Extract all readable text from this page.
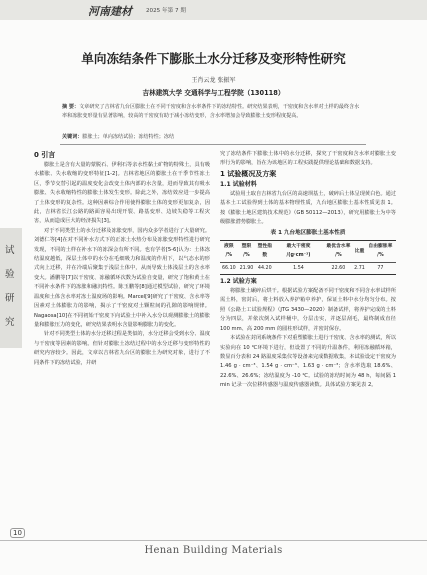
河南建材	2025 年第 7 期
试
验
研
究
单向冻结条件下膨胀土水分迁移及变形特性研究
王肖云龙 张振军
吉林建筑大学 交通科学与工程学院（130118）
摘 要：文章研究了吉林省九台区膨胀土在不同干密度和含水率条件下的冻结特性。研究结果表明，干密度和含水率对土样的最终含水率和冻胀变形量有显著影响，较高的干密度有助于减小冻结变形，含水率增加会导致膨胀土变形程度提高。
关键词：膨胀土；单向冻结试验；冻结特性；冻结
0 引言

膨胀土是含有大量的蒙脱石、伊利石等亲水性黏土矿物的特殊土，具有吸水膨胀、失水收缩的变形特征[1-2]。吉林省地区的膨胀土在干季节性冻土区，季节交替引起的温度变化会改变土体内部的水含量，进而导致其有吸水膨胀、失水收缩特性的膨胀土体发生变形。除此之外，冻结效应进一步提高了土体变形的复杂性。这种因素综合作用使得膨胀土体的变形更加复杂，因此，吉林省长江公路的路面容易出现开裂、路基变形、边坡失稳等工程灾害，从而造成巨大的经济损失[3]。

对于不同类型土的水分迁移及冻胀变形，国内众多学者进行了大量研究。刘德仁等[4]在对不同补水方式下的正冻土水热分布及冻胀变形特性进行研究发现，不同的土样在补水下的冻深会有所不同。也有学者[5-6]认为：土体冻结温度越低，深层土体中的水分在毛细吸力和温度的作用下，以气态水的形式向上迁移，并在冷端后聚集于浅层土体中，从而导致土体浅层土的含水率变大。潘鹏等[7]以干密度、冻融循环次数为试验自变量，研究了饱和黄土在不同补水条件下的冻胀和融沉特性。陈玉鹏等[8]通过模型试验，研究了环境温度和土体含水率对冻土温度场的影响。Marcel[9]研究了干密度、含水率等因素对土体膨胀力的影响，揭示了干密度对土颗粒间的孔隙的影响规律。Nagaosa[10]在不同初始干密度下向试验土中补入水分以观测膨胀土的膨胀量和膨胀压力的变化，研究结果表明水含量影响膨胀力的变化。

针对不同类型土体的水分迁移过程是类似的，水分迁移会受到水分、温度与干密度等因素的影响。但针对膨胀土冻结过程中的水分迁移与变形特性的研究内容较少。因此，文章以吉林省九台区的膨胀土为研究对象，进行了不同条件下的冻结试验，并研

究了冻结条件下膨胀土体中的水分迁移，探究了干密度和含水率对膨胀土变形行为的影响，旨在为该地区的工程实践提供理论基础和数据支持。

1 试验概况及方案
1.1 试验材料

试验用土取自吉林省九台区的高速坝基土，破碎后土体呈现黄白色。通过基本土工试验得到土体的基本物理性质，九台地区膨胀土基本性质见表 1。按《膨胀土地区建筑技术规范》（GB 50112—2013），研究用膨胀土为中等级膨胀潜势膨胀土。

表 1 九台地区膨胀土基本性质
液限 /%	塑限 /%	塑性指数	最大干密度 /(g·cm⁻³)	最优含水率 /%	比重	自由膨胀率 /%
66.10	21.90	44.20	1.54	22.60	2.71	77
1.2 试验方案

将膨胀土碾碎后烘干。根据试验方案配备不同干密度和不同含水率试样所需土料，密封后，将土料放入养护箱中养护，保证土料中水分均匀分布。按照《公路土工试验规程》（JTG 3430—2020）制备试样，将养护完成的土料分为四层，并依次倒入试样桶中，分层击实，并逐层刮毛，最终制成直径 100 mm、高 200 mm 的圆柱形试样，并密封保存。

本试验在封闭系统条件下对重塑膨胀土进行干密度、含水率的测试，所以实验向在 10 ℃环境下进行，但设置了不同的升温条件，利用冻融循环箱，数显百分表和 24 路温度采集仪等设备来完成数据收集，本试验设定干密度为 1.46 g · cm⁻³、1.54 g · cm⁻³、1.63 g · cm⁻³；含水率选取 18.6%、22.6%、26.6%；冻结温度为 -10 ℃。试验的冻结时间为 48 h，每间隔 1 min 记录一次位移传感器与温度传感器读数。具体试验方案见表 2。

10
Henan Building Materials
